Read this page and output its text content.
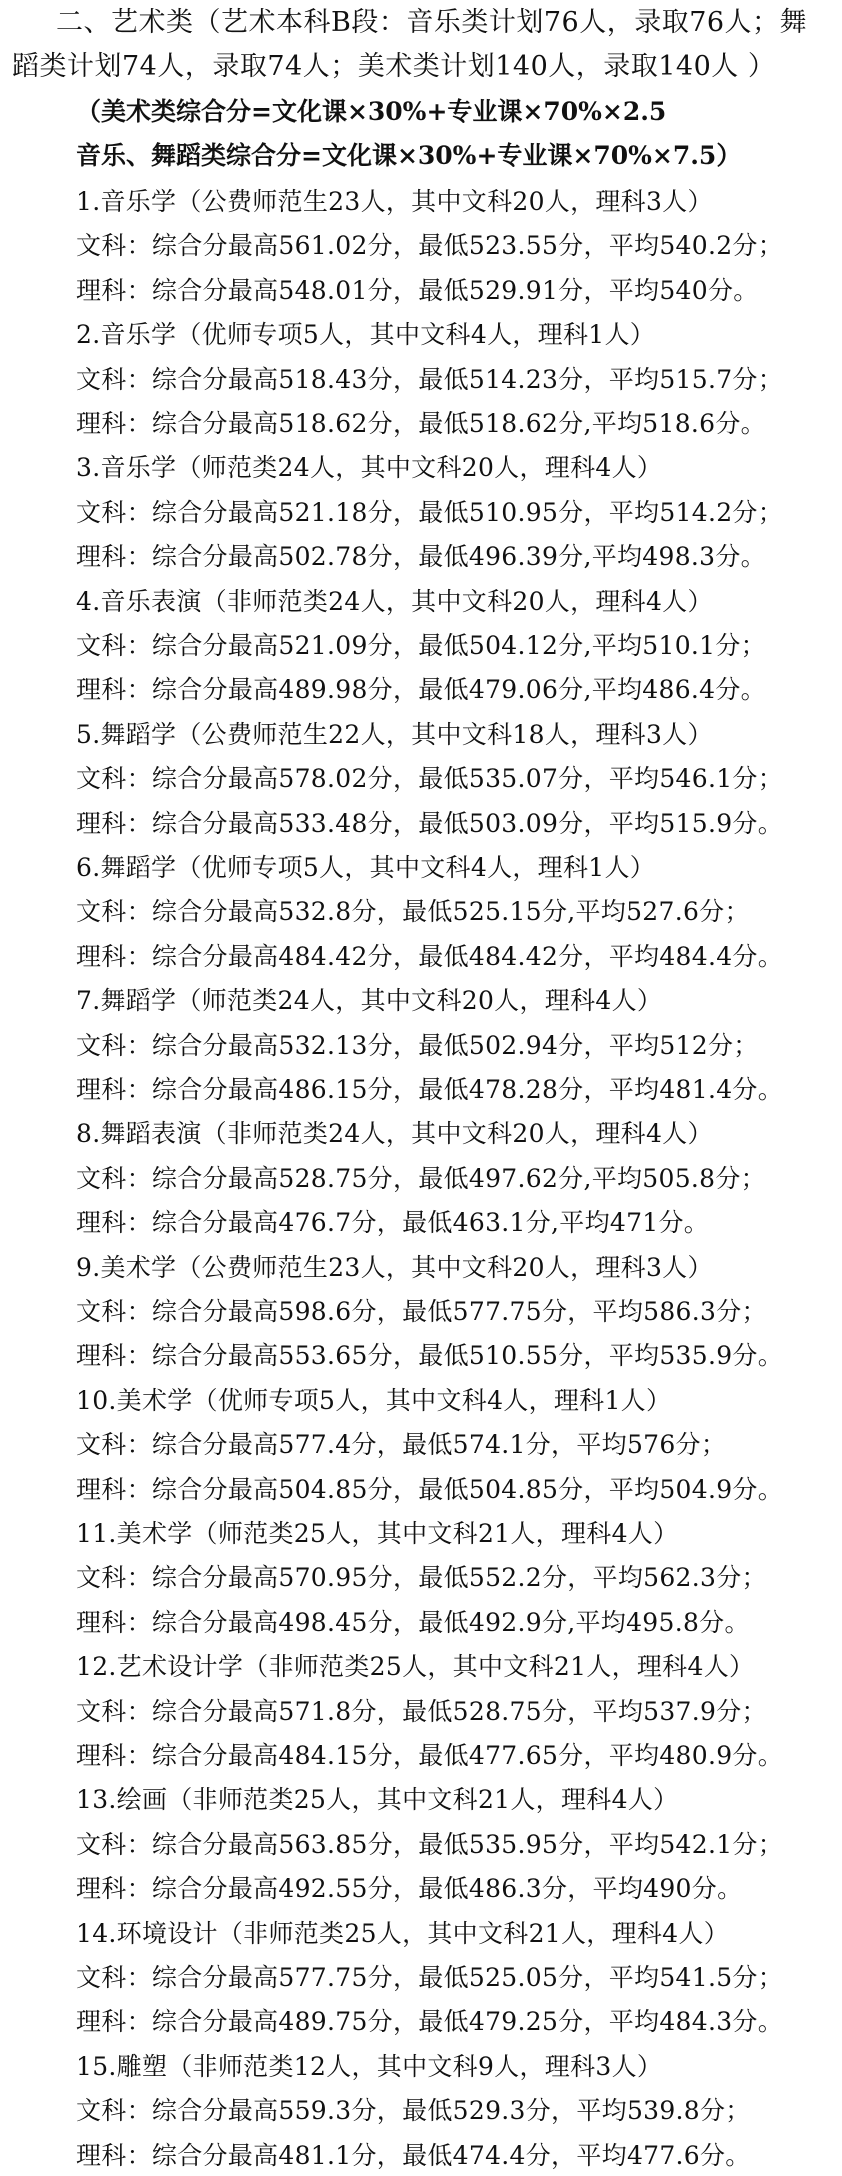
二、艺术类（艺术本科B段：音乐类计划76人，录取76人；舞
蹈类计划74人，录取74人；美术类计划140人，录取140人 ）
（美术类综合分=文化课×30%+专业课×70%×2.5
音乐、舞蹈类综合分=文化课×30%+专业课×70%×7.5）
1.音乐学（公费师范生23人，其中文科20人，理科3人）
文科：综合分最高561.02分，最低523.55分，平均540.2分；
理科：综合分最高548.01分，最低529.91分，平均540分。
2.音乐学（优师专项5人，其中文科4人，理科1人）
文科：综合分最高518.43分，最低514.23分，平均515.7分；
理科：综合分最高518.62分，最低518.62分,平均518.6分。
3.音乐学（师范类24人，其中文科20人，理科4人）
文科：综合分最高521.18分，最低510.95分，平均514.2分；
理科：综合分最高502.78分，最低496.39分,平均498.3分。
4.音乐表演（非师范类24人，其中文科20人，理科4人）
文科：综合分最高521.09分，最低504.12分,平均510.1分；
理科：综合分最高489.98分，最低479.06分,平均486.4分。
5.舞蹈学（公费师范生22人，其中文科18人，理科3人）
文科：综合分最高578.02分，最低535.07分，平均546.1分；
理科：综合分最高533.48分，最低503.09分，平均515.9分。
6.舞蹈学（优师专项5人，其中文科4人，理科1人）
文科：综合分最高532.8分，最低525.15分,平均527.6分；
理科：综合分最高484.42分，最低484.42分，平均484.4分。
7.舞蹈学（师范类24人，其中文科20人，理科4人）
文科：综合分最高532.13分，最低502.94分，平均512分；
理科：综合分最高486.15分，最低478.28分，平均481.4分。
8.舞蹈表演（非师范类24人，其中文科20人，理科4人）
文科：综合分最高528.75分，最低497.62分,平均505.8分；
理科：综合分最高476.7分，最低463.1分,平均471分。
9.美术学（公费师范生23人，其中文科20人，理科3人）
文科：综合分最高598.6分，最低577.75分，平均586.3分；
理科：综合分最高553.65分，最低510.55分，平均535.9分。
10.美术学（优师专项5人，其中文科4人，理科1人）
文科：综合分最高577.4分，最低574.1分，平均576分；
理科：综合分最高504.85分，最低504.85分，平均504.9分。
11.美术学（师范类25人，其中文科21人，理科4人）
文科：综合分最高570.95分，最低552.2分，平均562.3分；
理科：综合分最高498.45分，最低492.9分,平均495.8分。
12.艺术设计学（非师范类25人，其中文科21人，理科4人）
文科：综合分最高571.8分，最低528.75分，平均537.9分；
理科：综合分最高484.15分，最低477.65分，平均480.9分。
13.绘画（非师范类25人，其中文科21人，理科4人）
文科：综合分最高563.85分，最低535.95分，平均542.1分；
理科：综合分最高492.55分，最低486.3分，平均490分。
14.环境设计（非师范类25人，其中文科21人，理科4人）
文科：综合分最高577.75分，最低525.05分，平均541.5分；
理科：综合分最高489.75分，最低479.25分，平均484.3分。
15.雕塑（非师范类12人，其中文科9人，理科3人）
文科：综合分最高559.3分，最低529.3分，平均539.8分；
理科：综合分最高481.1分，最低474.4分，平均477.6分。
